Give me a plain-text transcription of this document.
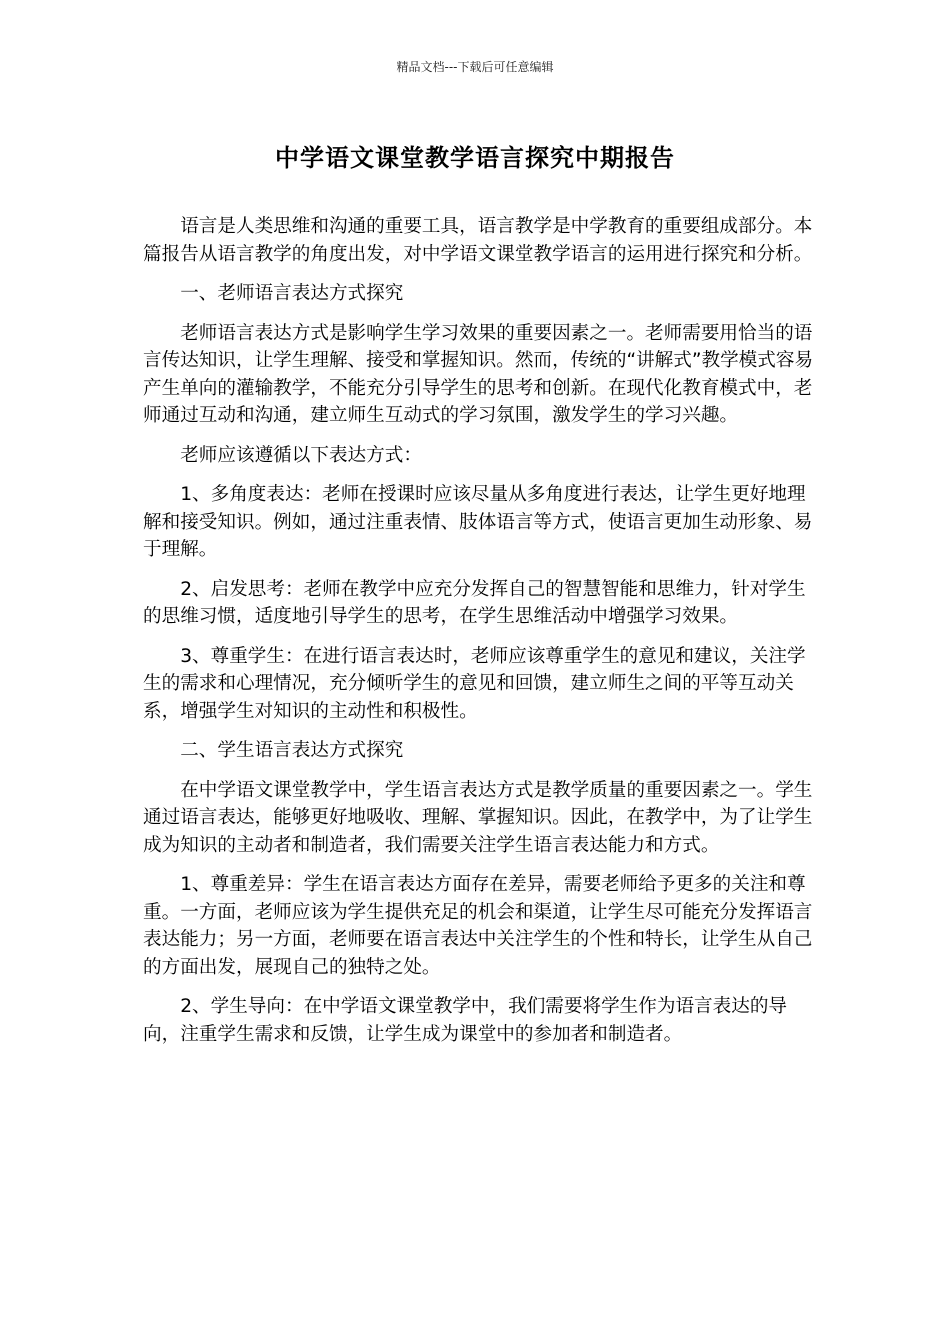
精品文档---下载后可任意编辑
中学语文课堂教学语言探究中期报告

语言是人类思维和沟通的重要工具，语言教学是中学教育的重要组成部分。本篇报告从语言教学的角度出发，对中学语文课堂教学语言的运用进行探究和分析。

一、老师语言表达方式探究

老师语言表达方式是影响学生学习效果的重要因素之一。老师需要用恰当的语言传达知识，让学生理解、接受和掌握知识。然而，传统的“讲解式”教学模式容易产生单向的灌输教学，不能充分引导学生的思考和创新。在现代化教育模式中，老师通过互动和沟通，建立师生互动式的学习氛围，激发学生的学习兴趣。

老师应该遵循以下表达方式：

1、多角度表达：老师在授课时应该尽量从多角度进行表达，让学生更好地理解和接受知识。例如，通过注重表情、肢体语言等方式，使语言更加生动形象、易于理解。

2、启发思考：老师在教学中应充分发挥自己的智慧智能和思维力，针对学生的思维习惯，适度地引导学生的思考，在学生思维活动中增强学习效果。

3、尊重学生：在进行语言表达时，老师应该尊重学生的意见和建议，关注学生的需求和心理情况，充分倾听学生的意见和回馈，建立师生之间的平等互动关系，增强学生对知识的主动性和积极性。

二、学生语言表达方式探究

在中学语文课堂教学中，学生语言表达方式是教学质量的重要因素之一。学生通过语言表达，能够更好地吸收、理解、掌握知识。因此，在教学中，为了让学生成为知识的主动者和制造者，我们需要关注学生语言表达能力和方式。

1、尊重差异：学生在语言表达方面存在差异，需要老师给予更多的关注和尊重。一方面，老师应该为学生提供充足的机会和渠道，让学生尽可能充分发挥语言表达能力；另一方面，老师要在语言表达中关注学生的个性和特长，让学生从自己的方面出发，展现自己的独特之处。

2、学生导向：在中学语文课堂教学中，我们需要将学生作为语言表达的导向，注重学生需求和反馈，让学生成为课堂中的参加者和制造者。
